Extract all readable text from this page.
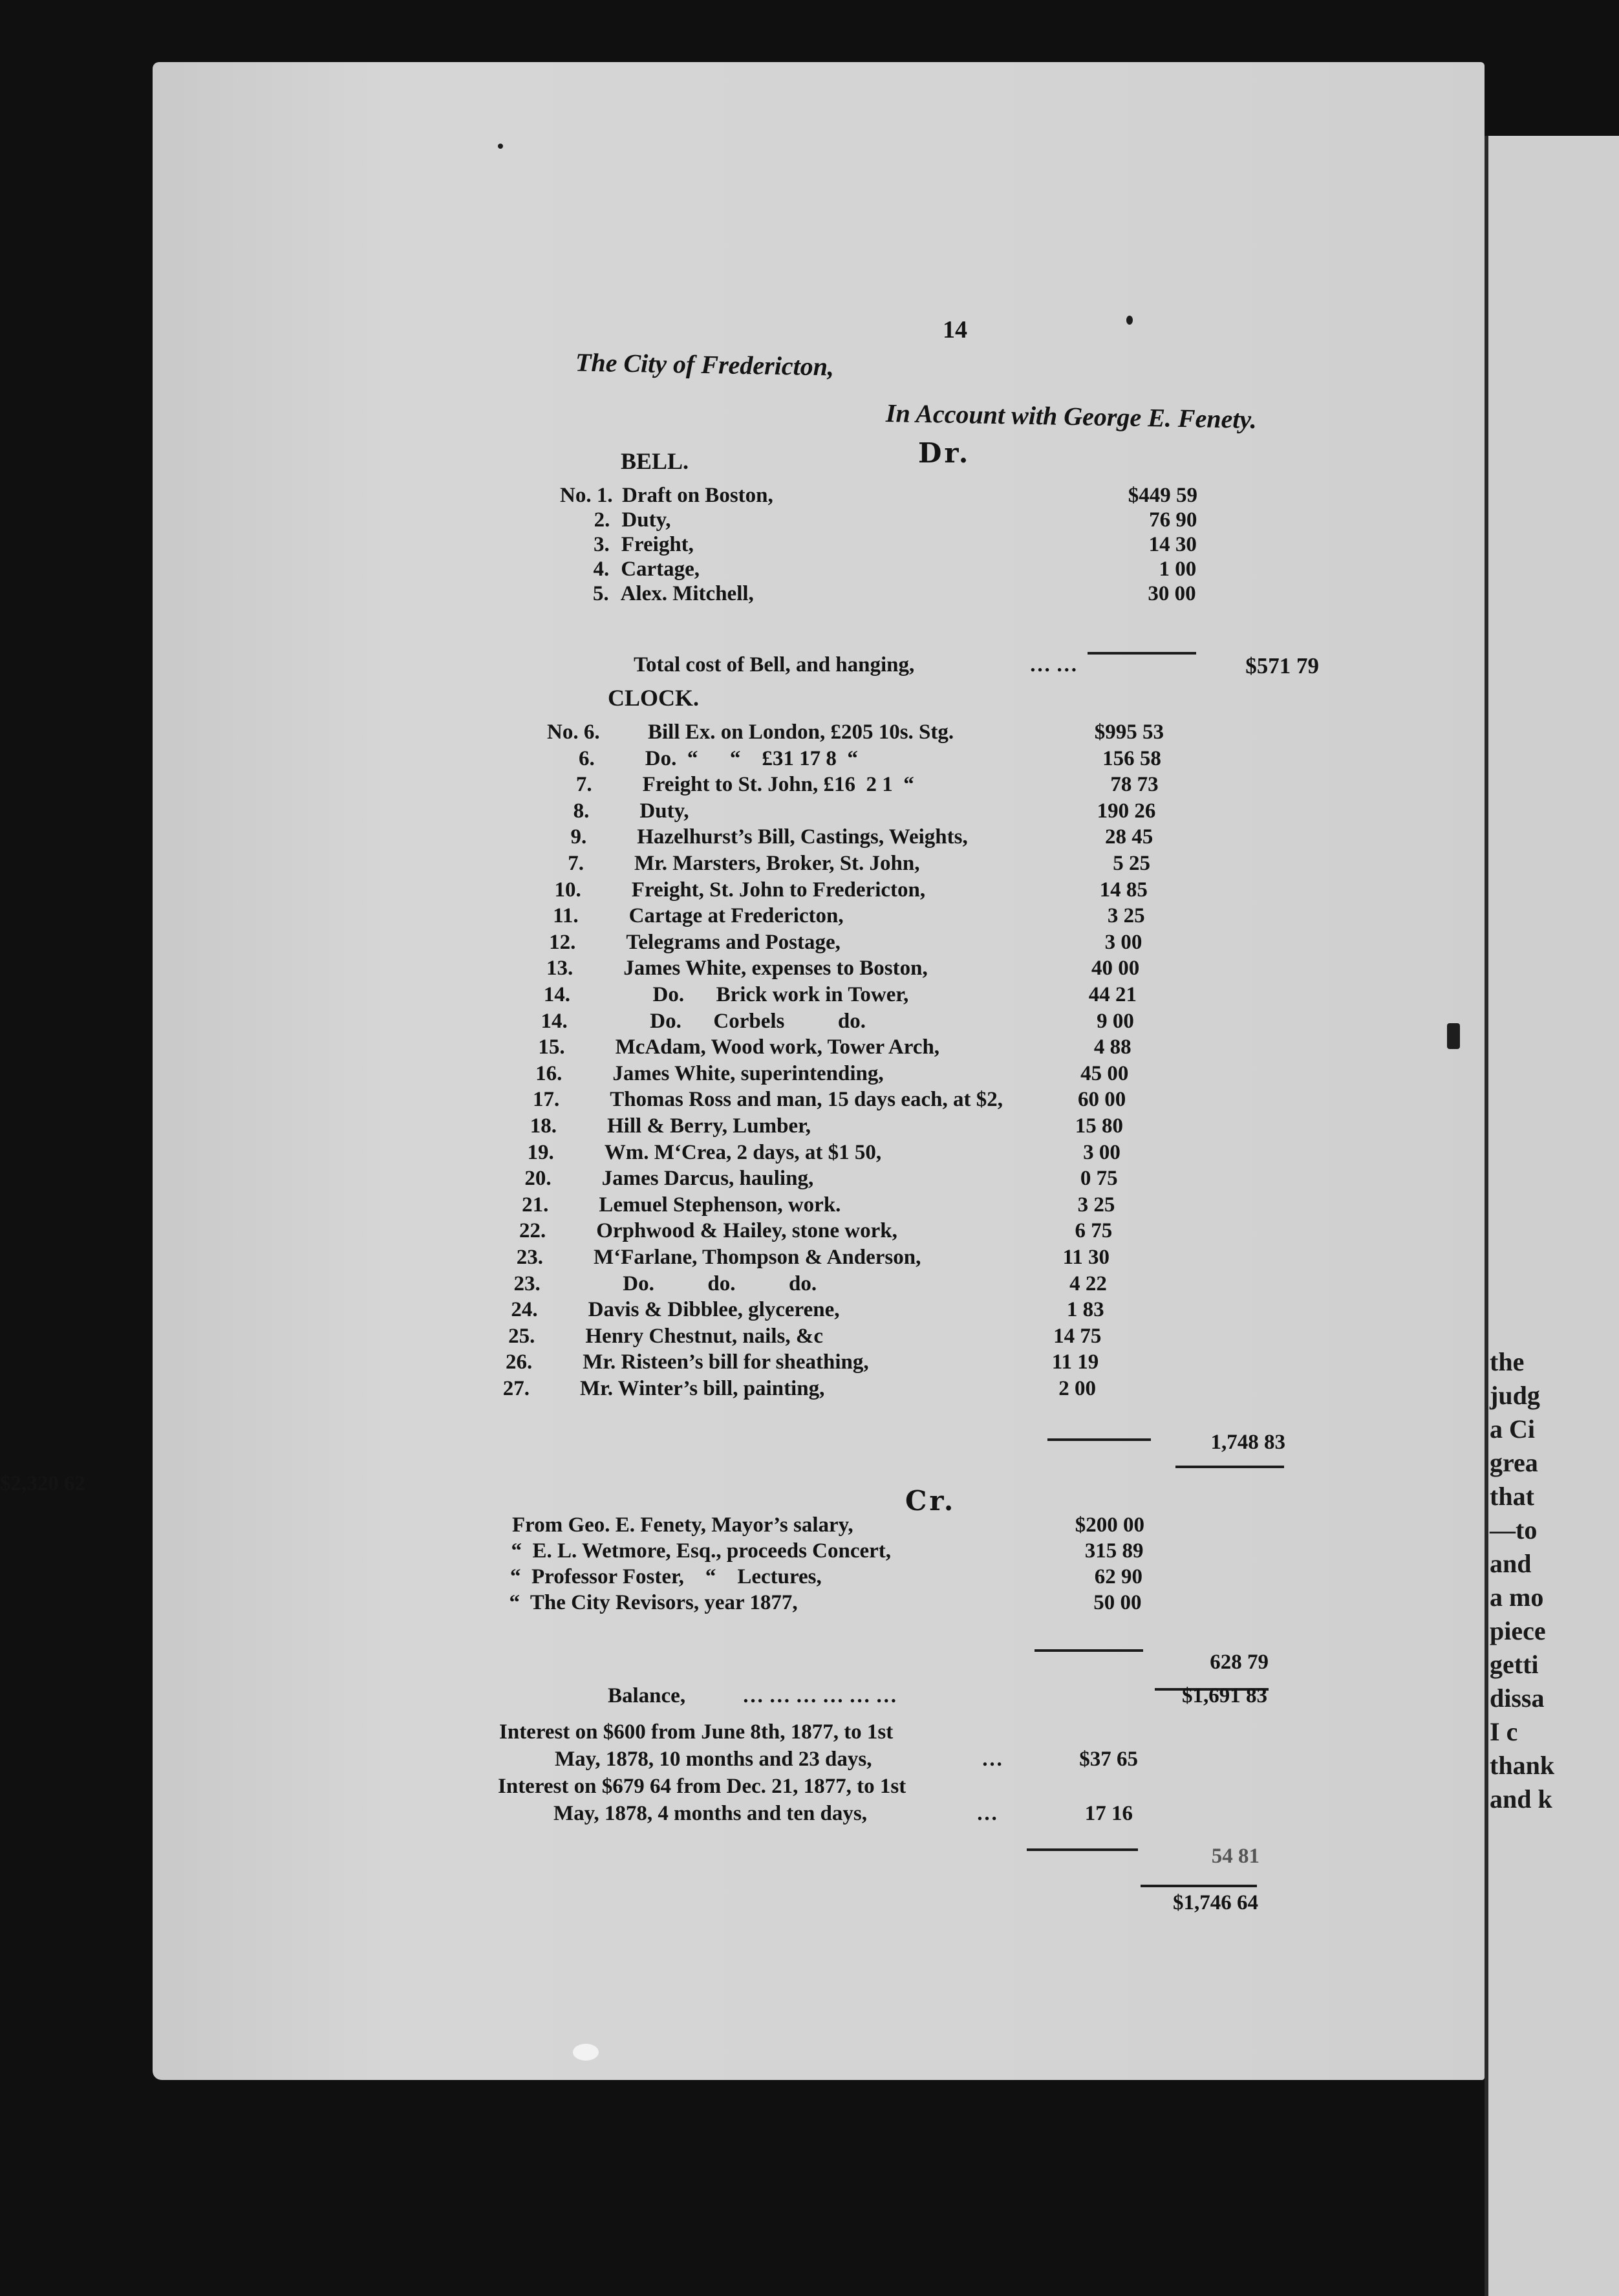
the
judg
a Ci
grea
that
—to
and
a mo
piece
getti
dissa
I c
thank
and k
14
The City of Fredericton,
In Account with George E. Fenety.
Dr.
BELL.
No. 1. Draft on Boston,	$449 59
2. Duty,	76 90
3. Freight,	14 30
4. Cartage,	1 00
5. Alex. Mitchell,	30 00
Total cost of Bell, and hanging,	… …	$571 79
CLOCK.
No. 6. Bill Ex. on London, £205 10s. Stg.	$995 53
6. Do.  “      “    £31 17 8  “	156 58
7. Freight to St. John, £16  2 1  “	78 73
8. Duty,	190 26
9. Hazelhurst’s Bill, Castings, Weights,	28 45
7. Mr. Marsters, Broker, St. John,	5 25
10. Freight, St. John to Fredericton,	14 85
11. Cartage at Fredericton,	3 25
12. Telegrams and Postage,	3 00
13. James White, expenses to Boston,	40 00
14. Do.      Brick work in Tower,	44 21
14. Do.      Corbels          do.	9 00
15. McAdam, Wood work, Tower Arch,	4 88
16. James White, superintending,	45 00
17. Thomas Ross and man, 15 days each, at $2,	60 00
18. Hill & Berry, Lumber,	15 80
19. Wm. M‘Crea, 2 days, at $1 50,	3 00
20. James Darcus, hauling,	0 75
21. Lemuel Stephenson, work.	3 25
22. Orphwood & Hailey, stone work,	6 75
23. M‘Farlane, Thompson & Anderson,	11 30
23. Do.          do.          do.	4 22
24. Davis & Dibblee, glycerene,	1 83
25. Henry Chestnut, nails, &c	14 75
26. Mr. Risteen’s bill for sheathing,	11 19
27. Mr. Winter’s bill, painting,	2 00
1,748 83
$2,320 62
Cr.
From Geo. E. Fenety, Mayor’s salary,	$200 00
“  E. L. Wetmore, Esq., proceeds Concert,	315 89
“  Professor Foster,    “    Lectures,	62 90
“  The City Revisors, year 1877,	50 00
628 79
Balance,	… … … … … …	$1,691 83
Interest on $600 from June 8th, 1877, to 1st
May, 1878, 10 months and 23 days,	…	$37 65
Interest on $679 64 from Dec. 21, 1877, to 1st
May, 1878, 4 months and ten days,	…	17 16
54 81
$1,746 64
